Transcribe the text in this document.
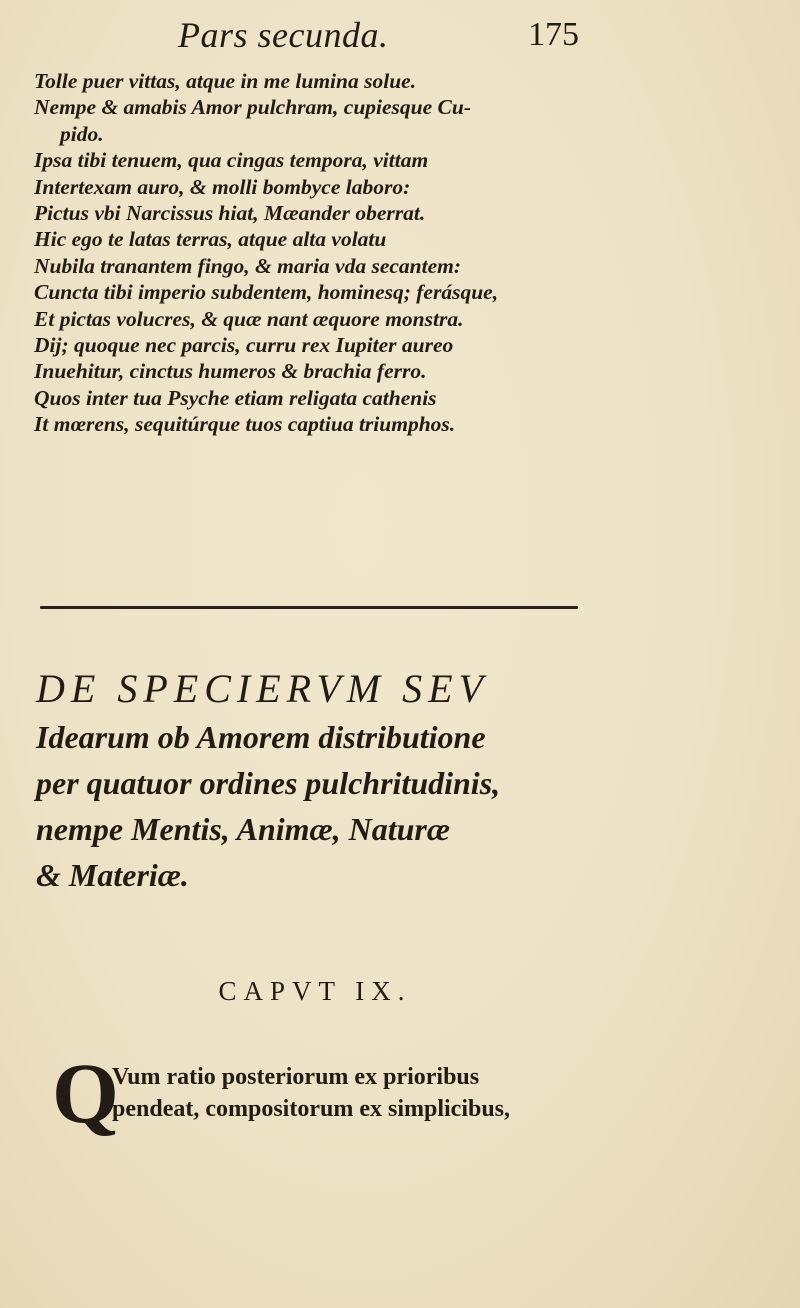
Pars secunda.	175
Tolle puer vittas, atque in me lumina solue.
Nempe & amabis Amor pulchram, cupiesque Cu-
pido.
Ipsa tibi tenuem, qua cingas tempora, vittam
Intertexam auro, & molli bombyce laboro:
Pictus vbi Narcissus hiat, Mæander oberrat.
Hic ego te latas terras, atque alta volatu
Nubila tranantem fingo, & maria vda secantem:
Cuncta tibi imperio subdentem, hominesq; ferásque,
Et pictas volucres, & quæ nant æquore monstra.
Dij; quoque nec parcis, curru rex Iupiter aureo
Inuehitur, cinctus humeros & brachia ferro.
Quos inter tua Psyche etiam religata cathenis
It mœrens, sequitúrque tuos captiua triumphos.
DE SPECIERVM SEV
Idearum ob Amorem distributione
per quatuor ordines pulchritudinis,
nempe Mentis, Animæ, Naturæ
& Materiæ.
CAPVT IX.
Q
Vum ratio posteriorum ex prioribus
pendeat, compositorum ex simplicibus,
